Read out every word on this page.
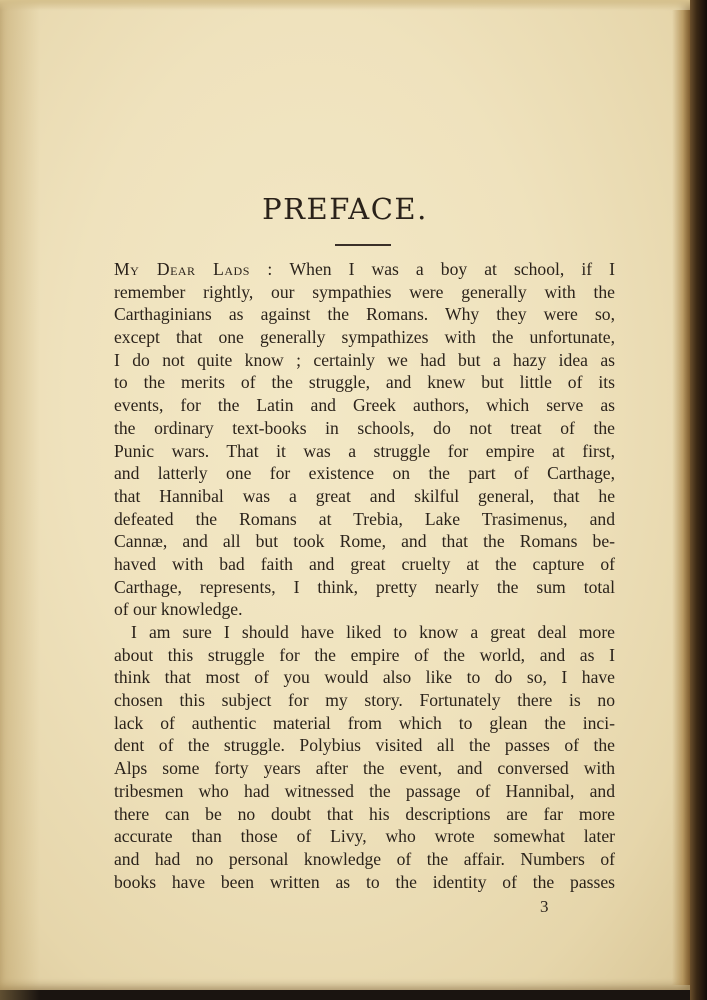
PREFACE.
My Dear Lads : When I was a boy at school, if I
remember rightly, our sympathies were generally with the
Carthaginians as against the Romans. Why they were so,
except that one generally sympathizes with the unfortunate,
I do not quite know ; certainly we had but a hazy idea as
to the merits of the struggle, and knew but little of its
events, for the Latin and Greek authors, which serve as
the ordinary text-books in schools, do not treat of the
Punic wars. That it was a struggle for empire at first,
and latterly one for existence on the part of Carthage,
that Hannibal was a great and skilful general, that he
defeated the Romans at Trebia, Lake Trasimenus, and
Cannæ, and all but took Rome, and that the Romans be-
haved with bad faith and great cruelty at the capture of
Carthage, represents, I think, pretty nearly the sum total
of our knowledge.
I am sure I should have liked to know a great deal more
about this struggle for the empire of the world, and as I
think that most of you would also like to do so, I have
chosen this subject for my story. Fortunately there is no
lack of authentic material from which to glean the inci-
dent of the struggle. Polybius visited all the passes of the
Alps some forty years after the event, and conversed with
tribesmen who had witnessed the passage of Hannibal, and
there can be no doubt that his descriptions are far more
accurate than those of Livy, who wrote somewhat later
and had no personal knowledge of the affair. Numbers of
books have been written as to the identity of the passes
3
